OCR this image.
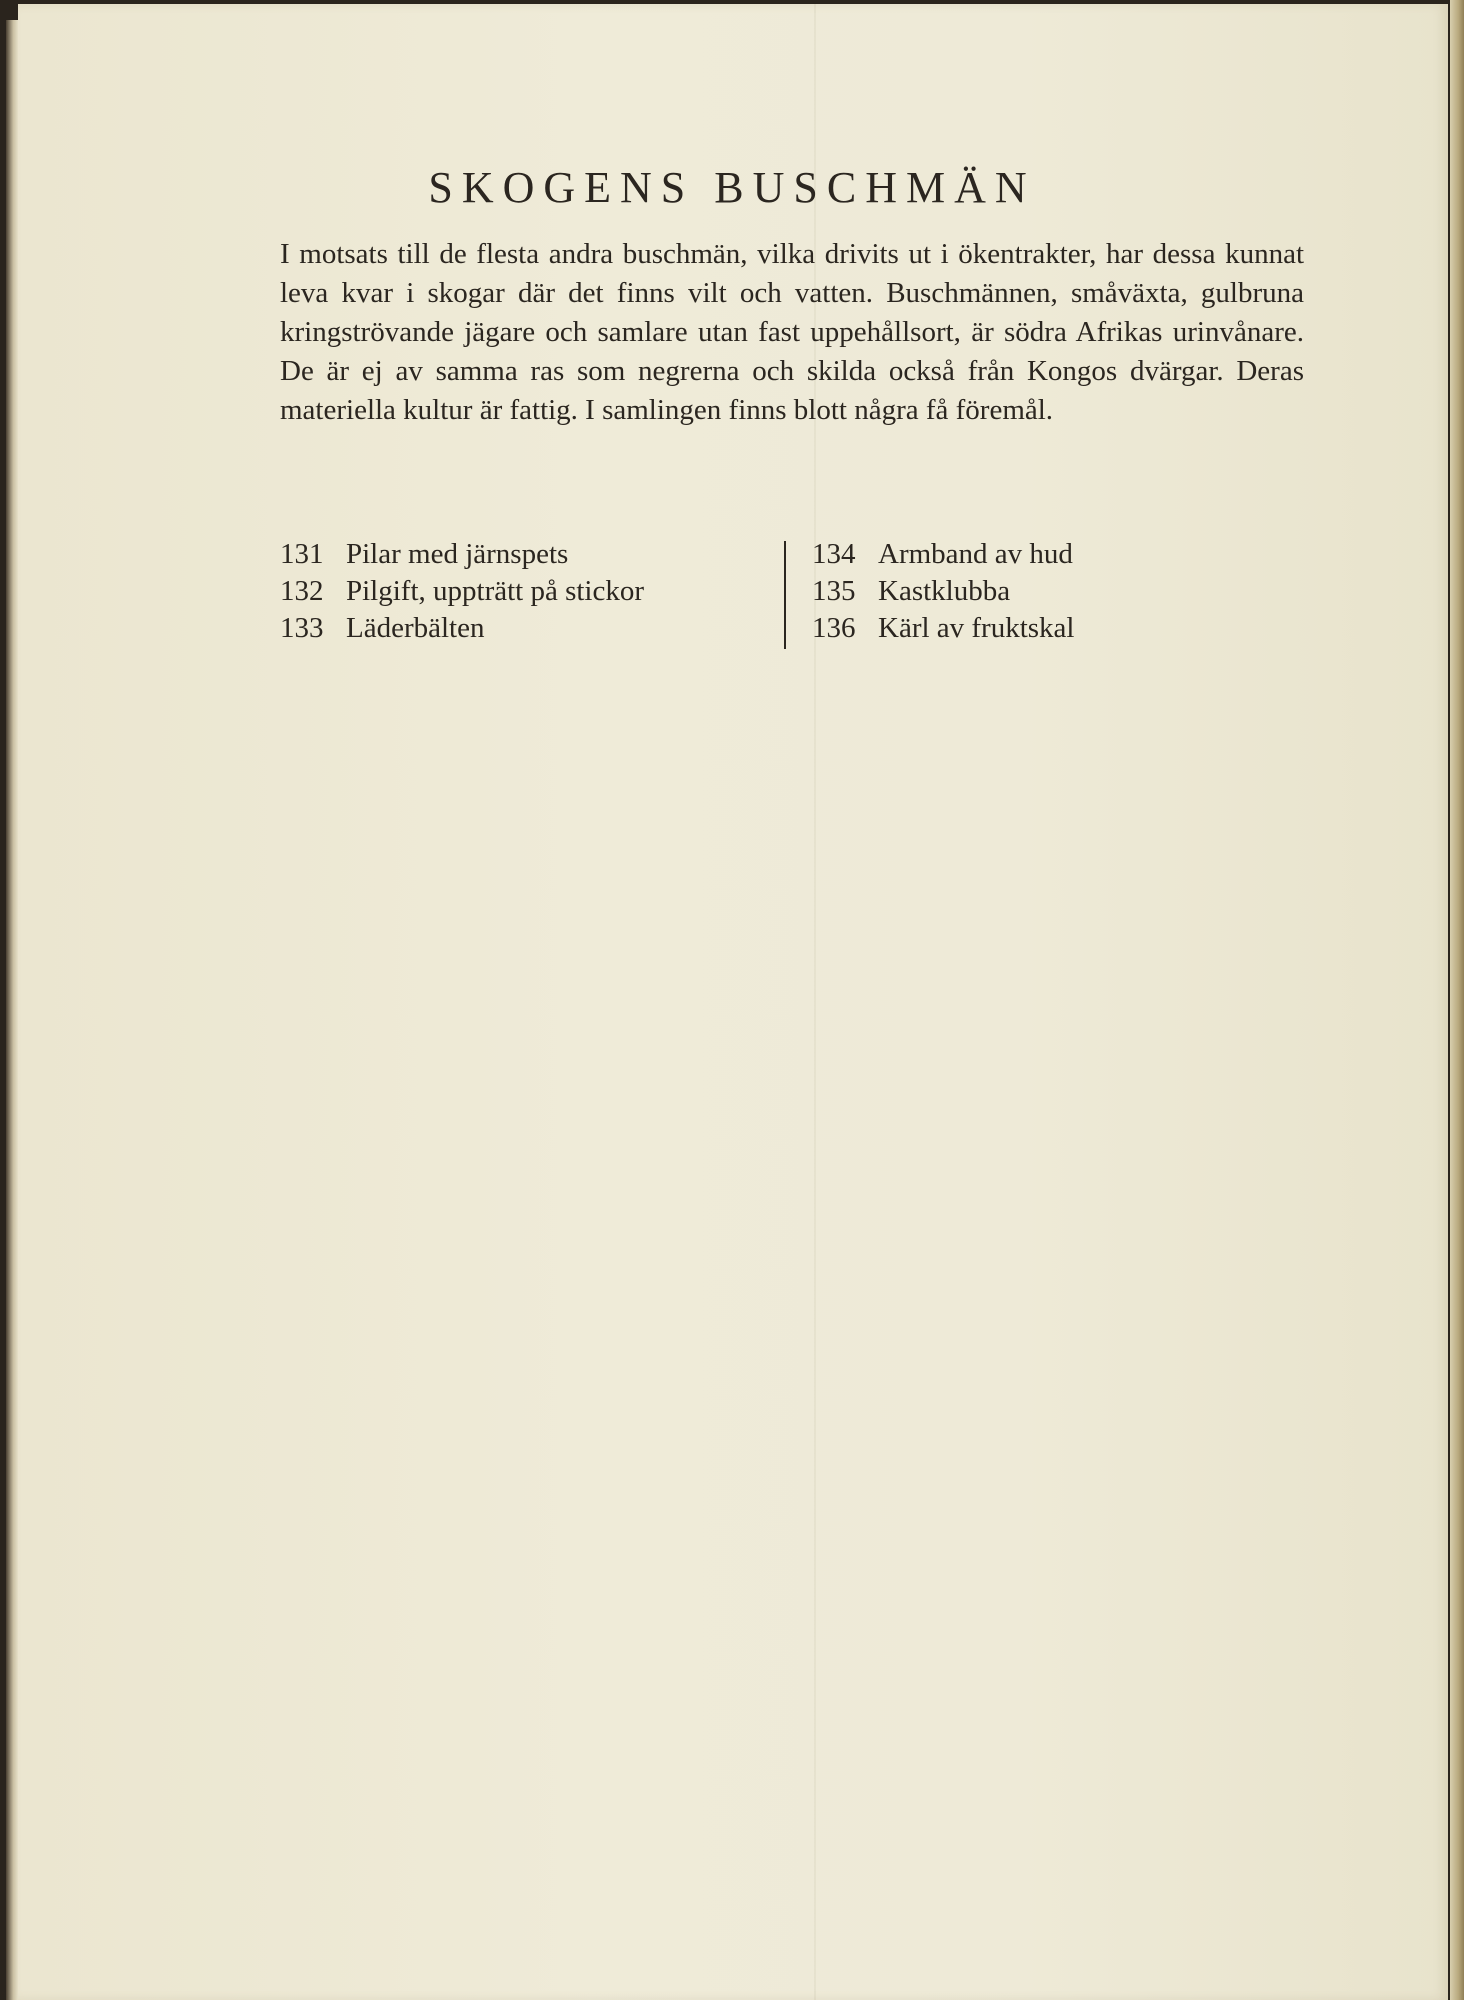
SKOGENS BUSCHMÄN

I motsats till de flesta andra buschmän, vilka drivits ut i ökentrakter, har dessa kunnat leva kvar i skogar där det finns vilt och vatten. Buschmännen, småväxta, gulbruna kringströvande jägare och samlare utan fast uppehållsort, är södra Afrikas urinvånare. De är ej av samma ras som negrerna och skilda också från Kongos dvärgar. Deras materiella kultur är fattig. I samlingen finns blott några få föremål.

131 Pilar med järnspets
132 Pilgift, uppträtt på stickor
133 Läderbälten
134 Armband av hud
135 Kastklubba
136 Kärl av fruktskal
